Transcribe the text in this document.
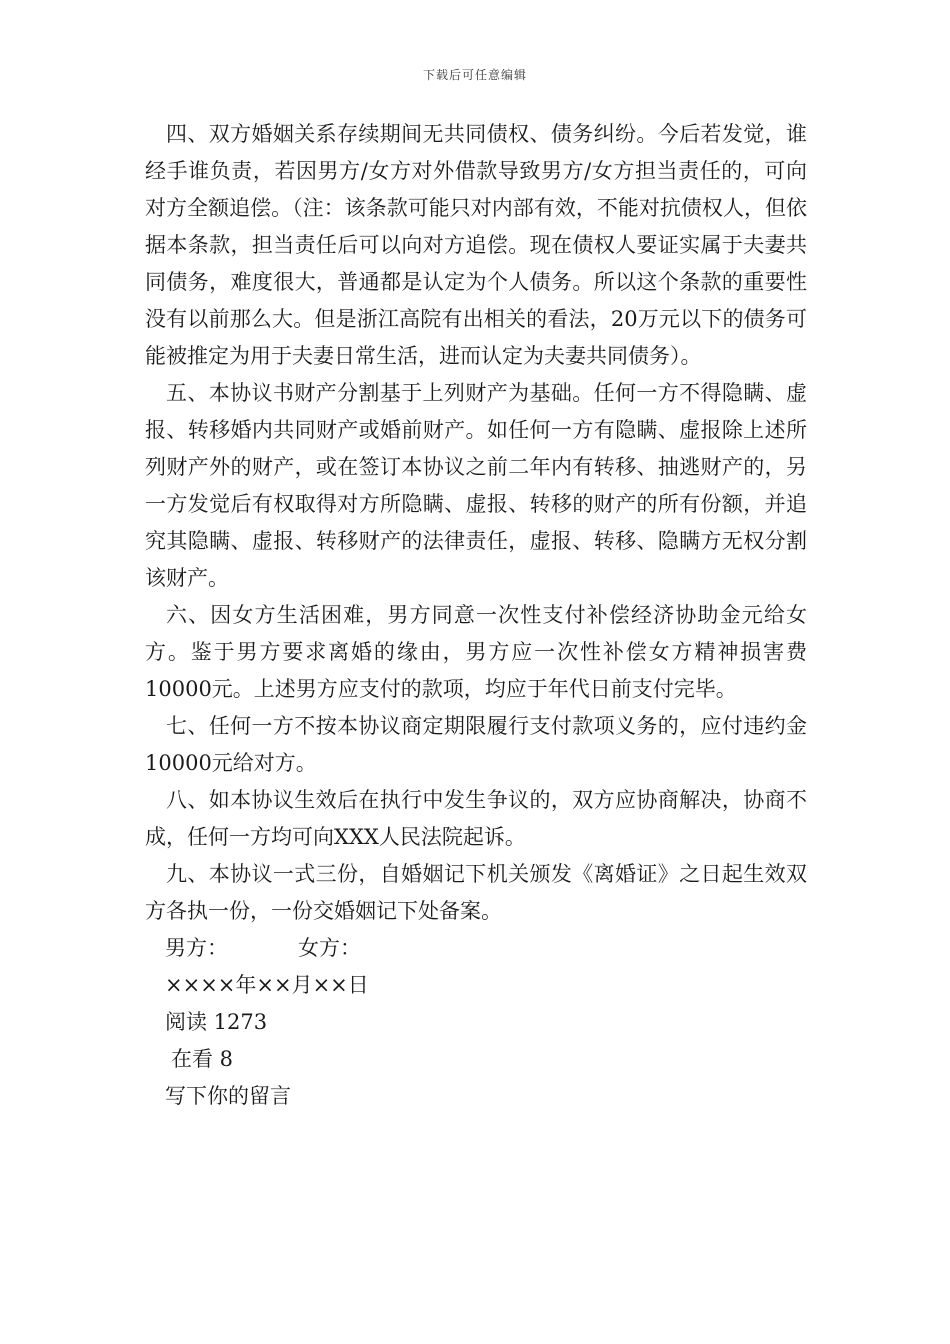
下载后可任意编辑

四、双方婚姻关系存续期间无共同债权、债务纠纷。今后若发觉，谁经手谁负责，若因男方/女方对外借款导致男方/女方担当责任的，可向对方全额追偿。（注：该条款可能只对内部有效，不能对抗债权人，但依据本条款，担当责任后可以向对方追偿。现在债权人要证实属于夫妻共同债务，难度很大，普通都是认定为个人债务。所以这个条款的重要性没有以前那么大。但是浙江高院有出相关的看法，20万元以下的债务可能被推定为用于夫妻日常生活，进而认定为夫妻共同债务）。

五、本协议书财产分割基于上列财产为基础。任何一方不得隐瞒、虚报、转移婚内共同财产或婚前财产。如任何一方有隐瞒、虚报除上述所列财产外的财产，或在签订本协议之前二年内有转移、抽逃财产的，另一方发觉后有权取得对方所隐瞒、虚报、转移的财产的所有份额，并追究其隐瞒、虚报、转移财产的法律责任，虚报、转移、隐瞒方无权分割该财产。

六、因女方生活困难，男方同意一次性支付补偿经济协助金元给女方。鉴于男方要求离婚的缘由，男方应一次性补偿女方精神损害费10000元。上述男方应支付的款项，均应于年代日前支付完毕。

七、任何一方不按本协议商定期限履行支付款项义务的，应付违约金10000元给对方。

八、如本协议生效后在执行中发生争议的，双方应协商解决，协商不成，任何一方均可向XXX人民法院起诉。

九、本协议一式三份，自婚姻记下机关颁发《离婚证》之日起生效双方各执一份，一份交婚姻记下处备案。

男方：	女方：
××××年××月××日
阅读 1273
在看 8
写下你的留言
